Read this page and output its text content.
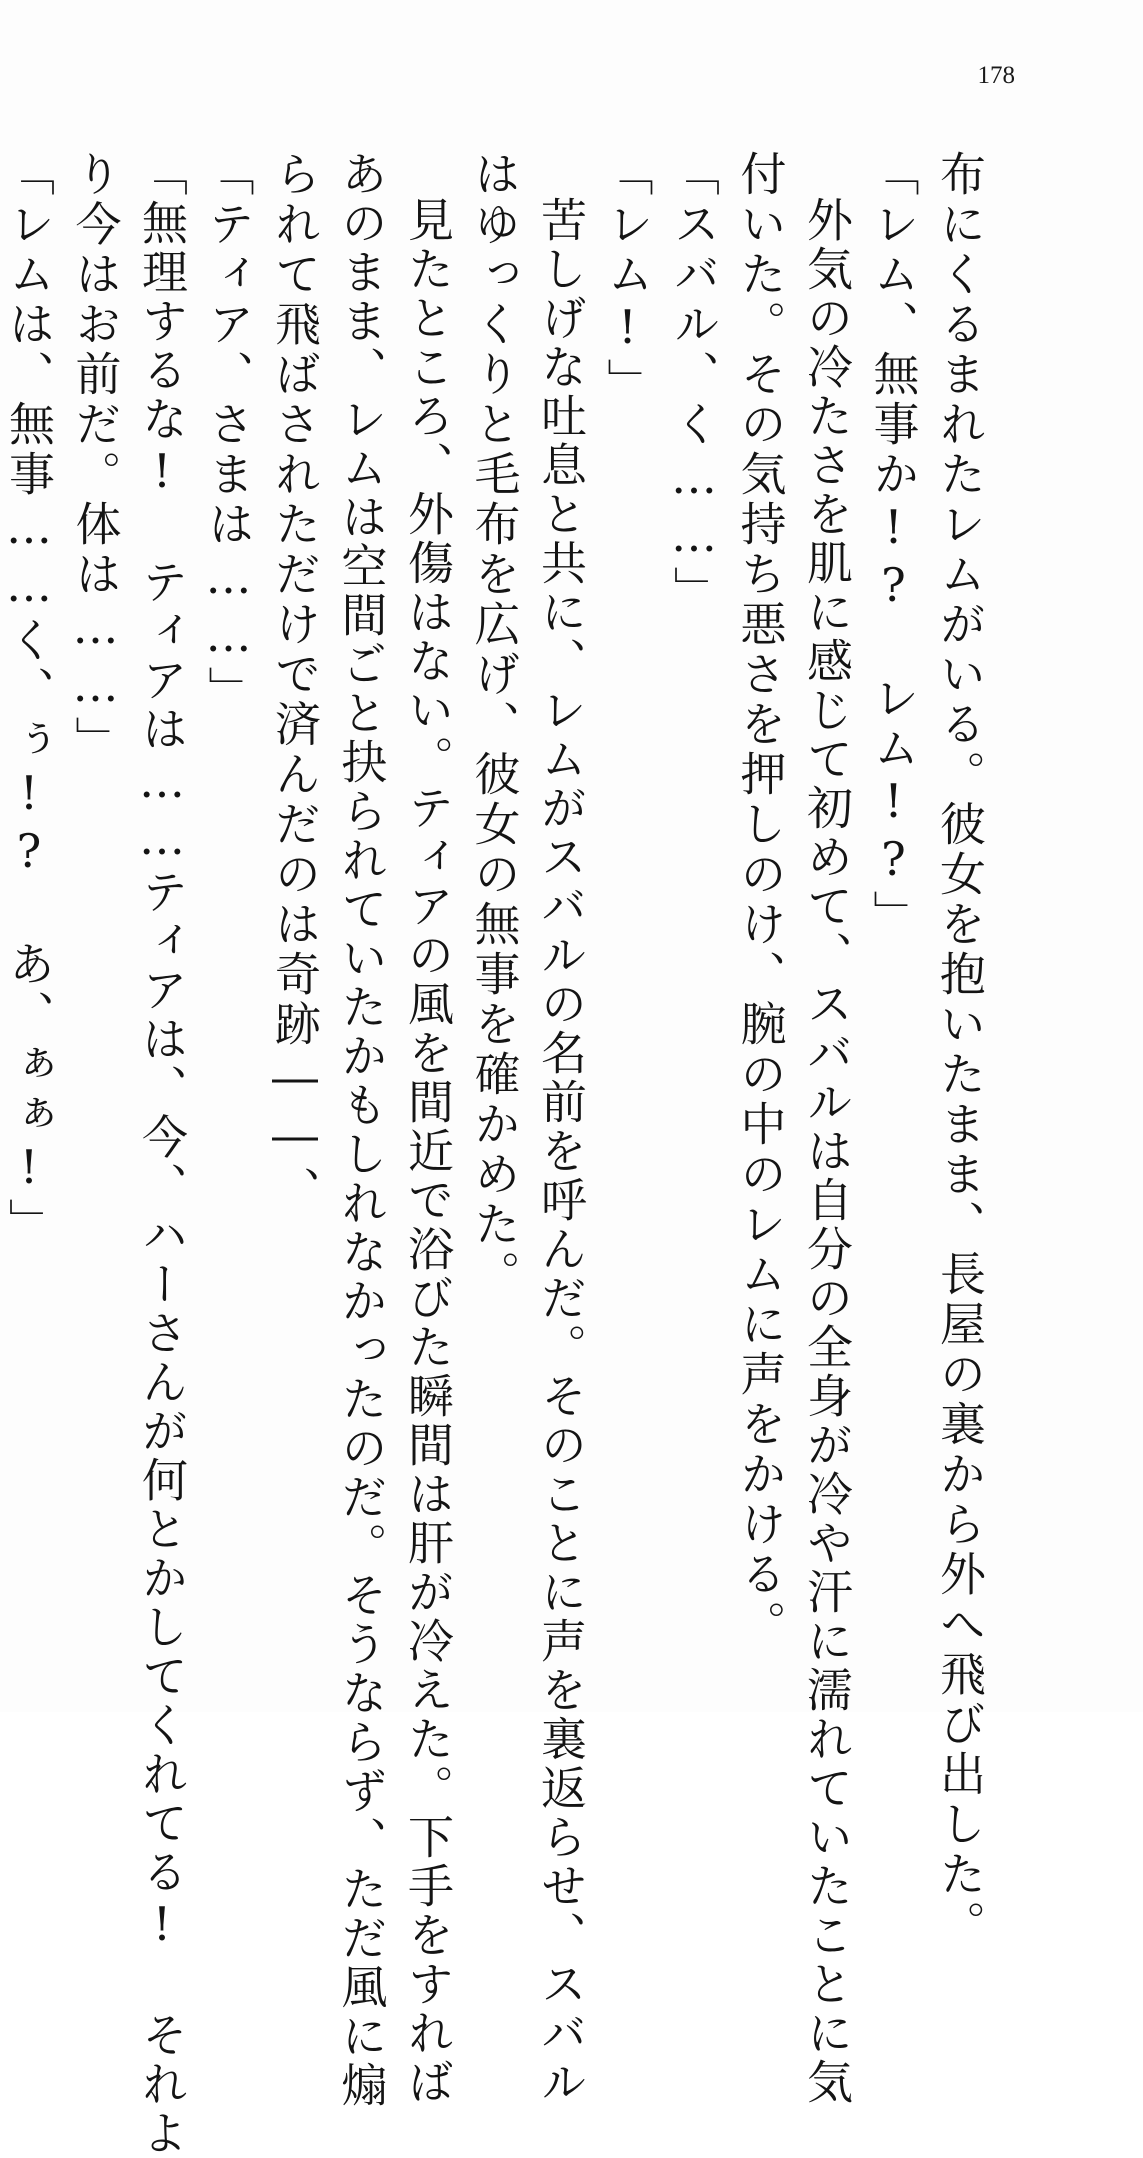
178
布にくるまれたレムがいる。彼女を抱いたまま、長屋の裏から外へ飛び出した。
「レム、無事か!? レム!?」
外気の冷たさを肌に感じて初めて、スバルは自分の全身が冷や汗に濡れていたことに気
付いた。その気持ち悪さを押しのけ、腕の中のレムに声をかける。
「スバル、く……」
「レム!」
苦しげな吐息と共に、レムがスバルの名前を呼んだ。そのことに声を裏返らせ、スバル
はゆっくりと毛布を広げ、彼女の無事を確かめた。
見たところ、外傷はない。ティアの風を間近で浴びた瞬間は肝が冷えた。下手をすれば
あのまま、レムは空間ごと抉られていたかもしれなかったのだ。そうならず、ただ風に煽
られて飛ばされただけで済んだのは奇跡――、
「ティア、さまは……」
「無理するな! ティアは……ティアは、今、ハーさんが何とかしてくれてる! それよ
り今はお前だ。体は……」
「レムは、無事……く、ぅ!? あ、ぁぁ!」
